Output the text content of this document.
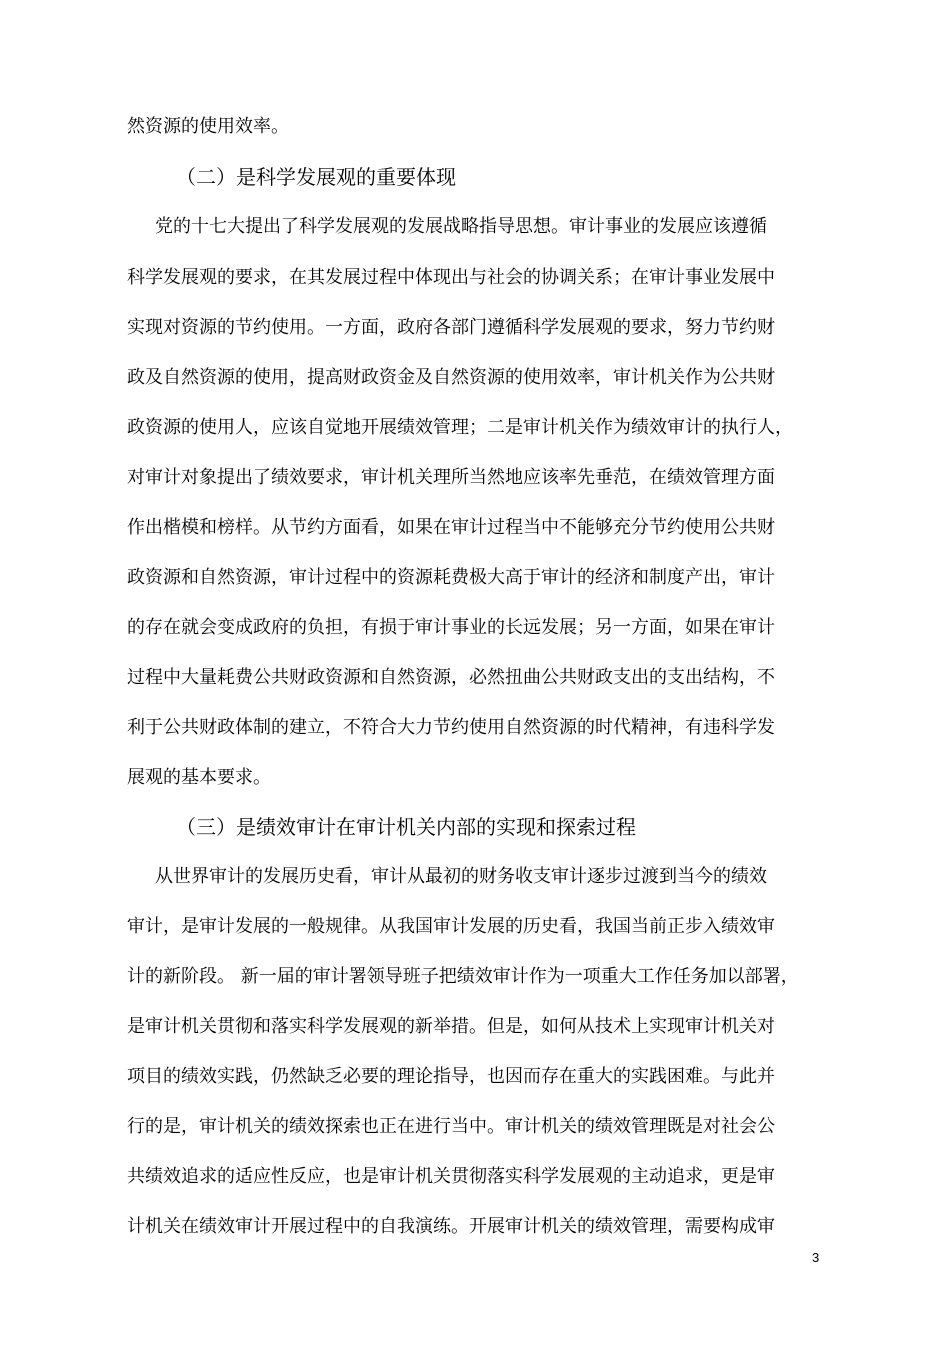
然资源的使用效率。
（二）是科学发展观的重要体现
党的十七大提出了科学发展观的发展战略指导思想。审计事业的发展应该遵循
科学发展观的要求，在其发展过程中体现出与社会的协调关系；在审计事业发展中
实现对资源的节约使用。一方面，政府各部门遵循科学发展观的要求，努力节约财
政及自然资源的使用，提高财政资金及自然资源的使用效率，审计机关作为公共财
政资源的使用人，应该自觉地开展绩效管理；二是审计机关作为绩效审计的执行人，
对审计对象提出了绩效要求，审计机关理所当然地应该率先垂范，在绩效管理方面
作出楷模和榜样。从节约方面看，如果在审计过程当中不能够充分节约使用公共财
政资源和自然资源，审计过程中的资源耗费极大高于审计的经济和制度产出，审计
的存在就会变成政府的负担，有损于审计事业的长远发展；另一方面，如果在审计
过程中大量耗费公共财政资源和自然资源，必然扭曲公共财政支出的支出结构，不
利于公共财政体制的建立，不符合大力节约使用自然资源的时代精神，有违科学发
展观的基本要求。
（三）是绩效审计在审计机关内部的实现和探索过程
从世界审计的发展历史看，审计从最初的财务收支审计逐步过渡到当今的绩效
审计，是审计发展的一般规律。从我国审计发展的历史看，我国当前正步入绩效审
计的新阶段。 新一届的审计署领导班子把绩效审计作为一项重大工作任务加以部署，
是审计机关贯彻和落实科学发展观的新举措。但是，如何从技术上实现审计机关对
项目的绩效实践，仍然缺乏必要的理论指导，也因而存在重大的实践困难。与此并
行的是，审计机关的绩效探索也正在进行当中。审计机关的绩效管理既是对社会公
共绩效追求的适应性反应，也是审计机关贯彻落实科学发展观的主动追求，更是审
计机关在绩效审计开展过程中的自我演练。开展审计机关的绩效管理，需要构成审
3
